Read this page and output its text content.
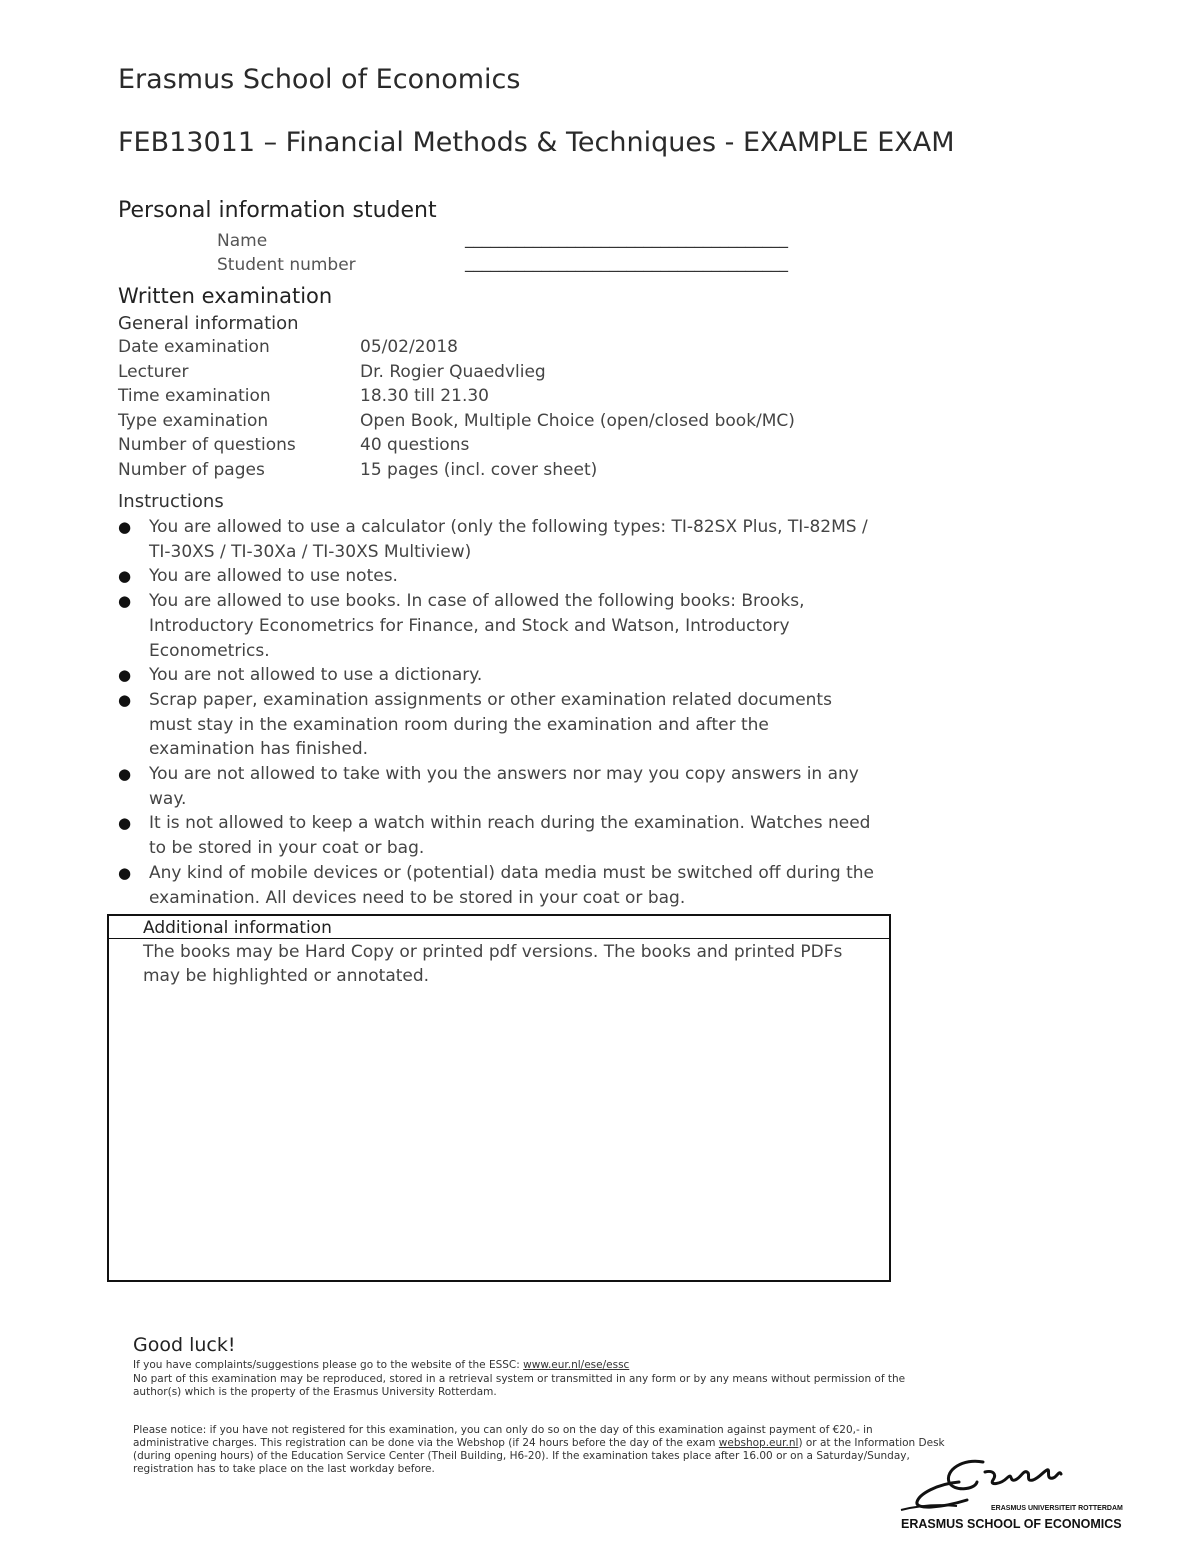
Erasmus School of Economics
FEB13011 – Financial Methods & Techniques - EXAMPLE EXAM
Personal information student
Name	______________________________________
Student number	______________________________________
Written examination
General information
Date examination	05/02/2018
Lecturer	Dr. Rogier Quaedvlieg
Time examination	18.30 till 21.30
Type examination	Open Book, Multiple Choice (open/closed book/MC)
Number of questions	40 questions
Number of pages	15 pages (incl. cover sheet)
Instructions
● You are allowed to use a calculator (only the following types: TI-82SX Plus, TI-82MS / TI-30XS / TI-30Xa / TI-30XS Multiview)
● You are allowed to use notes.
● You are allowed to use books. In case of allowed the following books: Brooks, Introductory Econometrics for Finance, and Stock and Watson, Introductory Econometrics.
● You are not allowed to use a dictionary.
● Scrap paper, examination assignments or other examination related documents must stay in the examination room during the examination and after the examination has finished.
● You are not allowed to take with you the answers nor may you copy answers in any way.
● It is not allowed to keep a watch within reach during the examination. Watches need to be stored in your coat or bag.
● Any kind of mobile devices or (potential) data media must be switched off during the examination. All devices need to be stored in your coat or bag.
Additional information
The books may be Hard Copy or printed pdf versions. The books and printed PDFs may be highlighted or annotated.
Good luck!
If you have complaints/suggestions please go to the website of the ESSC: www.eur.nl/ese/essc
No part of this examination may be reproduced, stored in a retrieval system or transmitted in any form or by any means without permission of the author(s) which is the property of the Erasmus University Rotterdam.
Please notice: if you have not registered for this examination, you can only do so on the day of this examination against payment of €20,- in administrative charges. This registration can be done via the Webshop (if 24 hours before the day of the exam webshop.eur.nl) or at the Information Desk (during opening hours) of the Education Service Center (Theil Building, H6-20). If the examination takes place after 16.00 or on a Saturday/Sunday, registration has to take place on the last workday before.
ERASMUS UNIVERSITEIT ROTTERDAM
ERASMUS SCHOOL OF ECONOMICS
